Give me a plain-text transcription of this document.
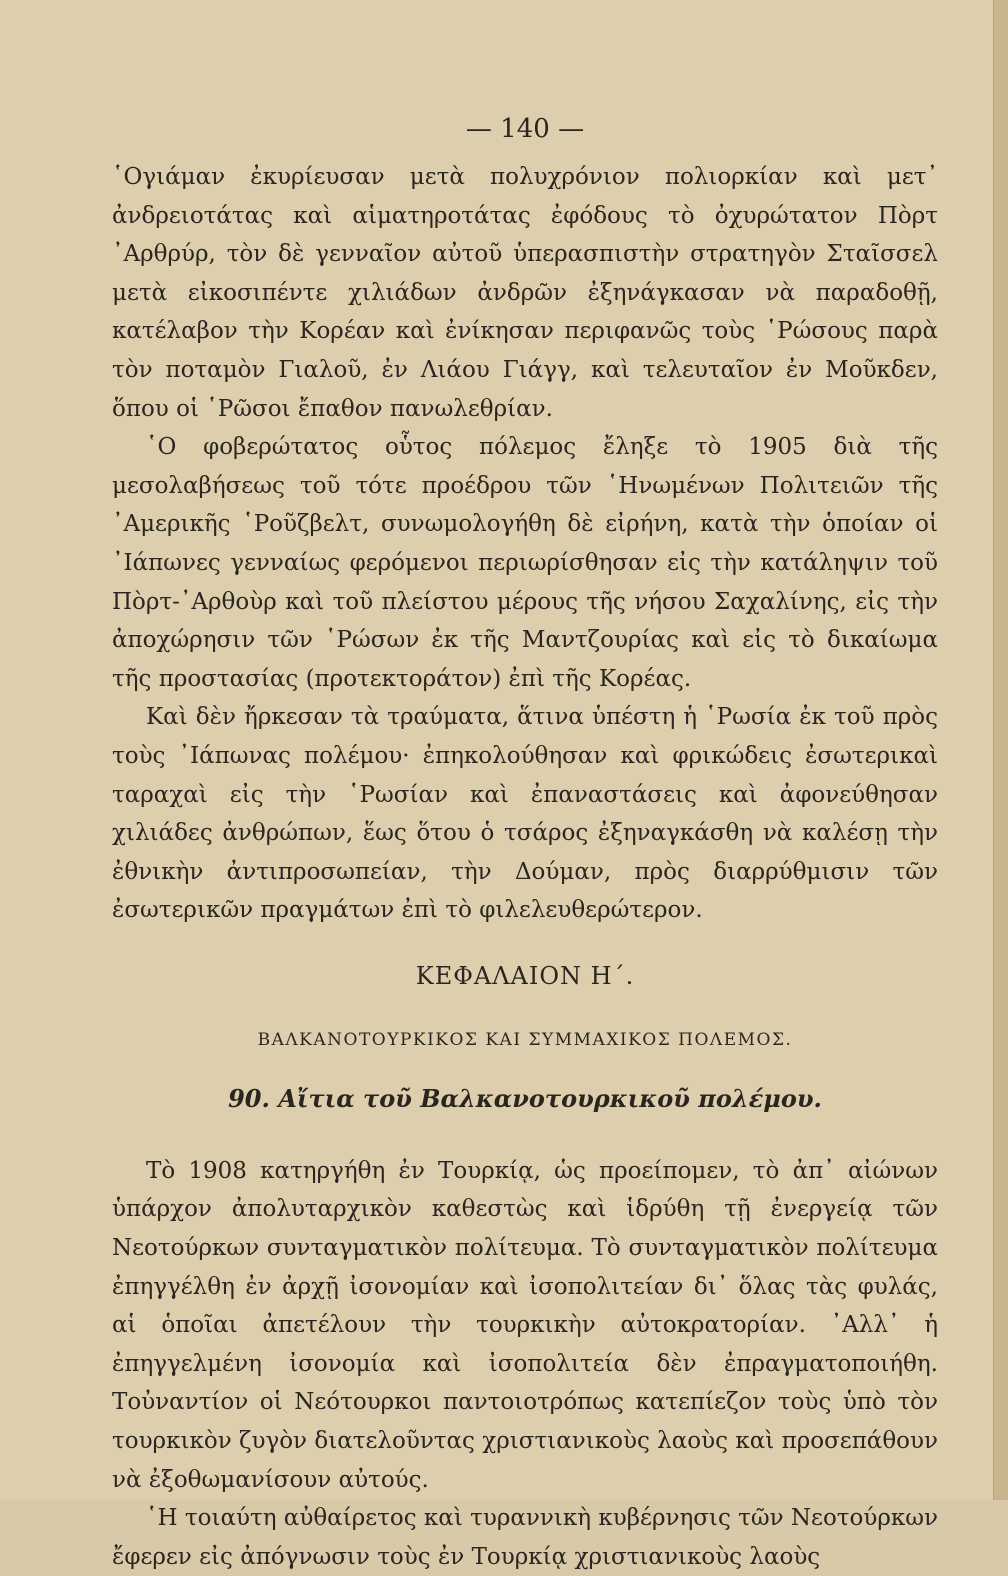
— 140 —

῾Ογιάμαν ἐκυρίευσαν μετὰ πολυχρόνιον πολιορκίαν καὶ μετ᾽ ἀνδρειοτάτας καὶ αἱματηροτάτας ἐφόδους τὸ ὀχυρώτατον Πὸρτ ᾽Αρθρύρ, τὸν δὲ γενναῖον αὐτοῦ ὑπερασπιστὴν στρατηγὸν Σταῖσσελ μετὰ εἰκοσιπέντε χιλιάδων ἀνδρῶν ἐξηνάγκασαν νὰ παραδοθῇ, κατέλαβον τὴν Κορέαν καὶ ἐνίκησαν περιφανῶς τοὺς ῾Ρώσους παρὰ τὸν ποταμὸν Γιαλοῦ, ἐν Λιάου Γιάγγ, καὶ τελευταῖον ἐν Μοῦκδεν, ὅπου οἱ ῾Ρῶσοι ἔπαθον πανωλεθρίαν.

῾Ο φοβερώτατος οὗτος πόλεμος ἔληξε τὸ 1905 διὰ τῆς μεσολαβήσεως τοῦ τότε προέδρου τῶν ῾Ηνωμένων Πολιτειῶν τῆς ᾽Αμερικῆς ῾Ροῦζβελτ, συνωμολογήθη δὲ εἰρήνη, κατὰ τὴν ὁποίαν οἱ ᾽Ιάπωνες γενναίως φερόμενοι περιωρίσθησαν εἰς τὴν κατάληψιν τοῦ Πὸρτ-᾽Αρθοὺρ καὶ τοῦ πλείστου μέρους τῆς νήσου Σαχαλίνης, εἰς τὴν ἀποχώρησιν τῶν ῾Ρώσων ἐκ τῆς Μαντζουρίας καὶ εἰς τὸ δικαίωμα τῆς προστασίας (προτεκτοράτον) ἐπὶ τῆς Κορέας.

Καὶ δὲν ἤρκεσαν τὰ τραύματα, ἅτινα ὑπέστη ἡ ῾Ρωσία ἐκ τοῦ πρὸς τοὺς ᾽Ιάπωνας πολέμου· ἐπηκολούθησαν καὶ φρικώδεις ἐσωτερικαὶ ταραχαὶ εἰς τὴν ῾Ρωσίαν καὶ ἐπαναστάσεις καὶ ἀφονεύθησαν χιλιάδες ἀνθρώπων, ἕως ὅτου ὁ τσάρος ἐξηναγκάσθη νὰ καλέσῃ τὴν ἐθνικὴν ἀντιπροσωπείαν, τὴν Δούμαν, πρὸς διαρρύθμισιν τῶν ἐσωτερικῶν πραγμάτων ἐπὶ τὸ φιλελευθερώτερον.

ΚΕΦΑΛΑΙΟΝ Η΄.
ΒΑΛΚΑΝΟΤΟΥΡΚΙΚΟΣ ΚΑΙ ΣΥΜΜΑΧΙΚΟΣ ΠΟΛΕΜΟΣ.
90. Αἴτια τοῦ Βαλκανοτουρκικοῦ πολέμου.

Τὸ 1908 κατηργήθη ἐν Τουρκίᾳ, ὡς προείπομεν, τὸ ἀπ᾽ αἰώνων ὑπάρχον ἀπολυταρχικὸν καθεστὼς καὶ ἱδρύθη τῇ ἐνεργείᾳ τῶν Νεοτούρκων συνταγματικὸν πολίτευμα. Τὸ συνταγματικὸν πολίτευμα ἐπηγγέλθη ἐν ἀρχῇ ἰσονομίαν καὶ ἰσοπολιτείαν δι᾽ ὅλας τὰς φυλάς, αἱ ὁποῖαι ἀπετέλουν τὴν τουρκικὴν αὐτοκρατορίαν. ᾽Αλλ᾽ ἡ ἐπηγγελμένη ἰσονομία καὶ ἰσοπολιτεία δὲν ἐπραγματοποιήθη. Τοὐναντίον οἱ Νεότουρκοι παντοιοτρόπως κατεπίεζον τοὺς ὑπὸ τὸν τουρκικὸν ζυγὸν διατελοῦντας χριστιανικοὺς λαοὺς καὶ προσεπάθουν νὰ ἐξοθωμανίσουν αὐτούς.

῾Η τοιαύτη αὐθαίρετος καὶ τυραννικὴ κυβέρνησις τῶν Νεοτούρκων ἔφερεν εἰς ἀπόγνωσιν τοὺς ἐν Τουρκίᾳ χριστιανικοὺς λαοὺς
